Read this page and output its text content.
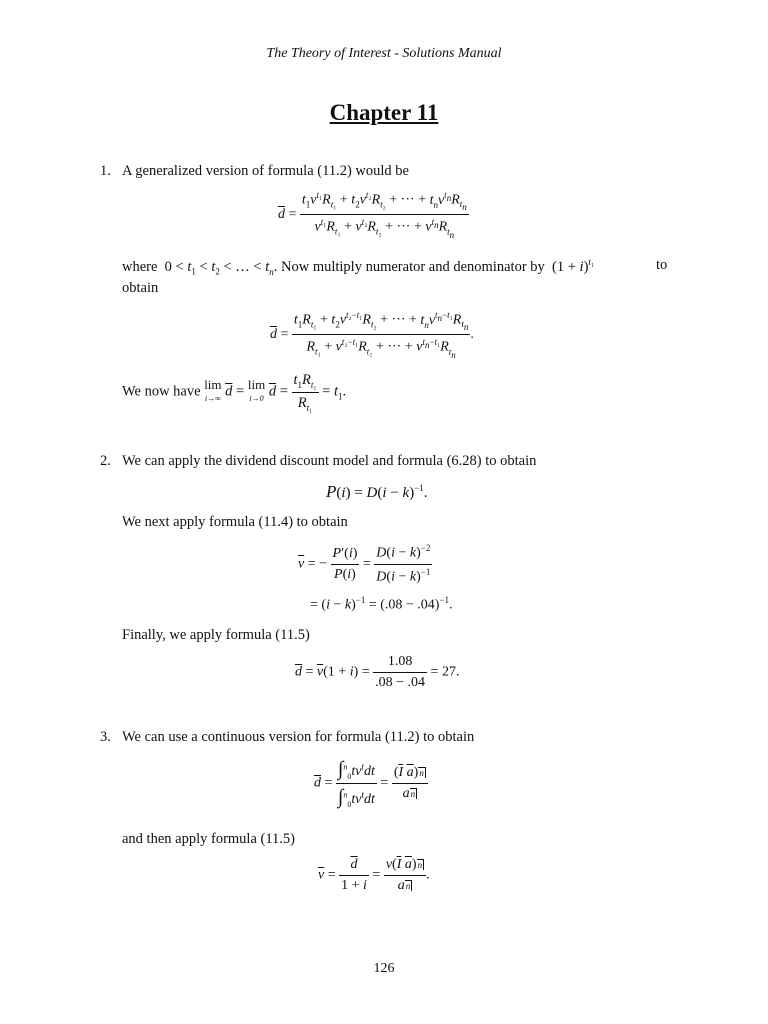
The Theory of Interest - Solutions Manual
Chapter 11
1. A generalized version of formula (11.2) would be
$\overline{d} = \frac{t_1v^{t_1}R_{t_1} + t_2v^{t_2}R_{t_2} + \cdot\cdot\cdot + t_nv^{t_n}R_{t_n}}{v^{t_1}R_{t_1} + v^{t_2}R_{t_2} + \cdot\cdot\cdot + v^{t_n}R_{t_n}}$
where  $0 < t_1 < t_2$ < … < $t_n$. Now multiply numerator and denominator by  $(1 + i)^{t_1}$	to
obtain
$\overline{d} = \frac{t_1R_{t_1} + t_2v^{t_2-t_1}R_{t_2} + \cdot\cdot\cdot + t_nv^{t_n-t_1}R_{t_n}}{R_{t_1} + v^{t_2-t_1}R_{t_2} + \cdot\cdot\cdot + v^{t_n-t_1}R_{t_n}}$ .
We now have lim
i→∞ $\overline{d} = \lim$
i→0 $\overline{d} = \frac{t_1R_{t_1}}{R_{t_1}} = t_1$.
2. We can apply the dividend discount model and formula (6.28) to obtain
$P(i) = D(i - k)^{-1}$.
We next apply formula (11.4) to obtain
$\overline{v}$ = − $\frac{P'(i)}{P(i)} = \frac{D(i - k)^{-2}}{D(i - k)^{-1}}$
= $(i - k)^{-1} = (.08 - .04)^{-1}$.
Finally, we apply formula (11.5)
$\overline{d} = \overline{v}(1 + i) = \frac{1.08}{.08 - .04} = 27$.
3. We can use a continuous version for formula (11.2) to obtain
$\overline{d} = \frac{\int^n_0tv^tdt}{\int^n_0tv^tdt} = \frac{(\overline{I} \overline{a})n}{an}$
and then apply formula (11.5)
$\overline{v} = \frac{\overline{d}}{1 + i} = \frac{v(\overline{I} \overline{a})n}{an}$ .
126
